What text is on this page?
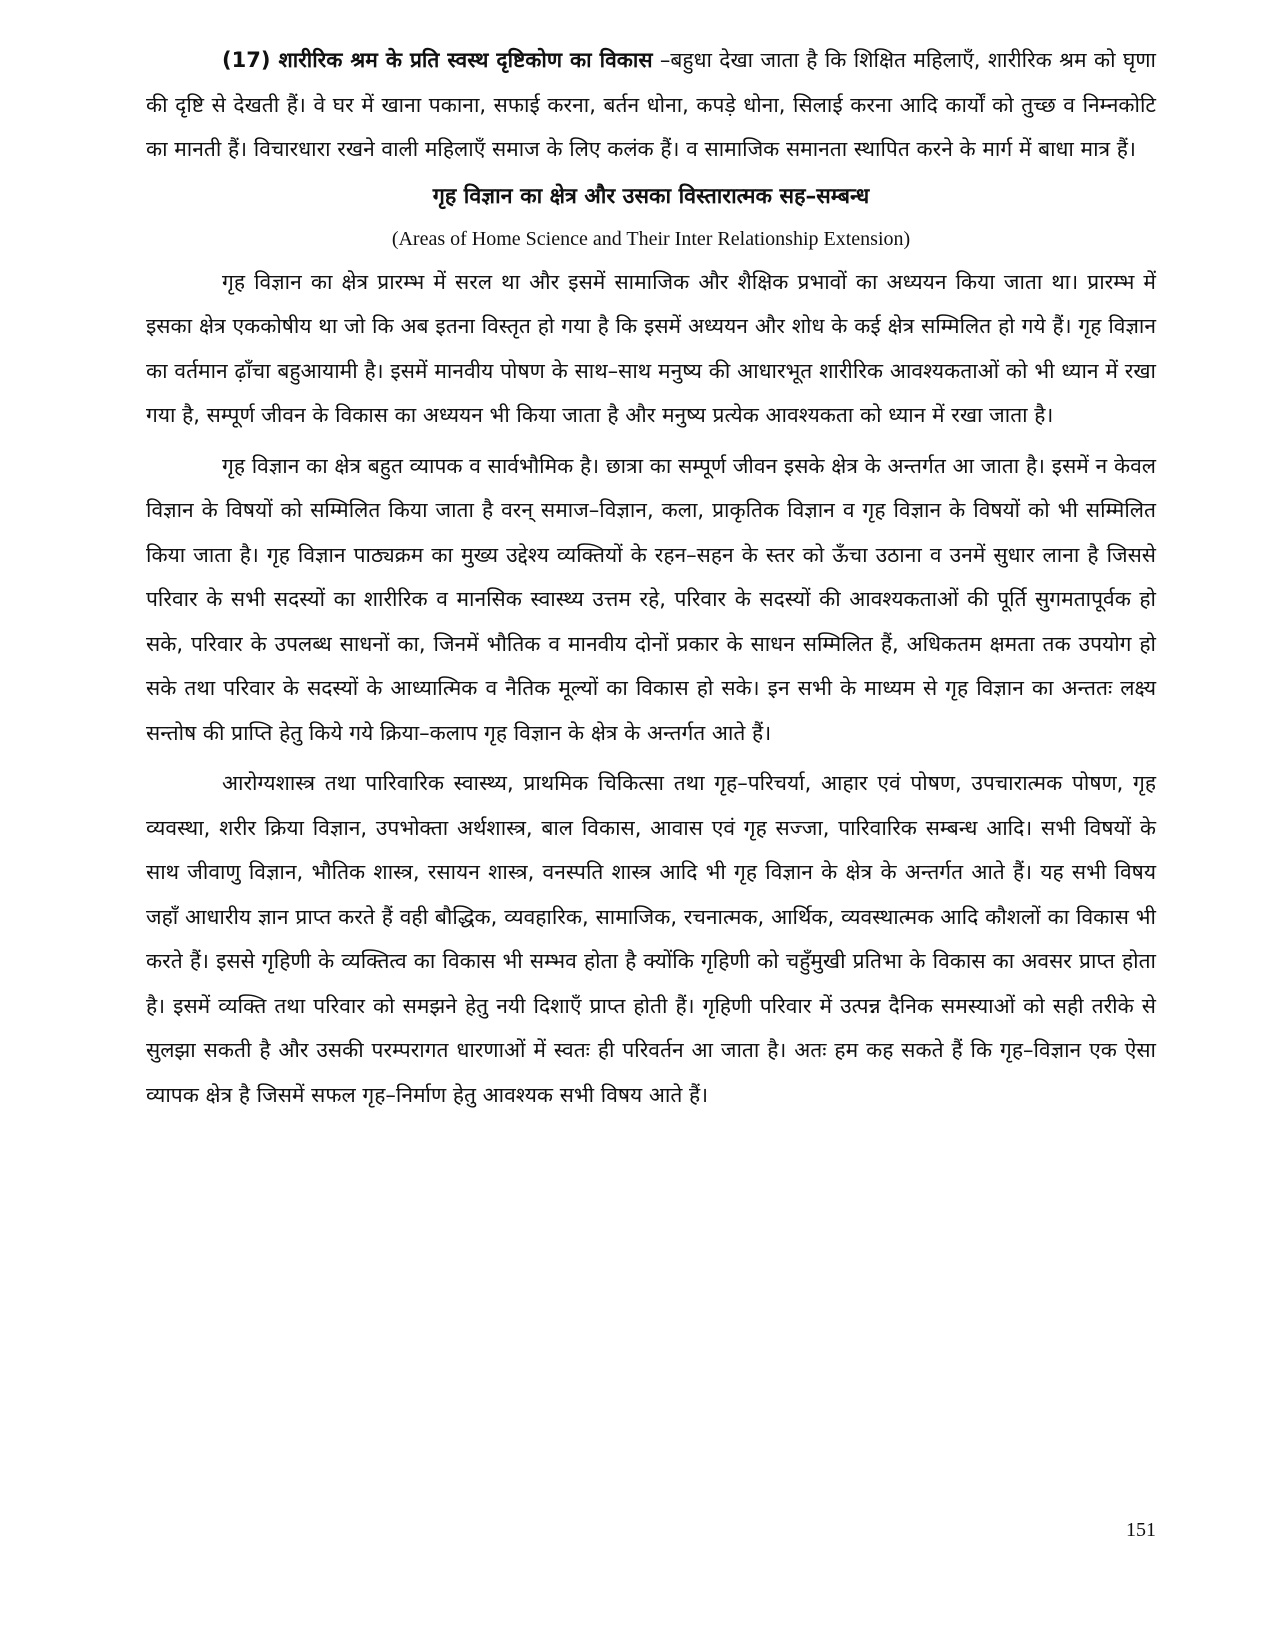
(17) शारीरिक श्रम के प्रति स्वस्थ दृष्टिकोण का विकास –बहुधा देखा जाता है कि शिक्षित महिलाएँ, शारीरिक श्रम को घृणा की दृष्टि से देखती हैं। वे घर में खाना पकाना, सफाई करना, बर्तन धोना, कपड़े धोना, सिलाई करना आदि कार्यों को तुच्छ व निम्नकोटि का मानती हैं। विचारधारा रखने वाली महिलाएँ समाज के लिए कलंक हैं। व सामाजिक समानता स्थापित करने के मार्ग में बाधा मात्र हैं।

गृह विज्ञान का क्षेत्र और उसका विस्तारात्मक सह–सम्बन्ध

(Areas of Home Science and Their Inter Relationship Extension)

गृह विज्ञान का क्षेत्र प्रारम्भ में सरल था और इसमें सामाजिक और शैक्षिक प्रभावों का अध्ययन किया जाता था। प्रारम्भ में इसका क्षेत्र एककोषीय था जो कि अब इतना विस्तृत हो गया है कि इसमें अध्ययन और शोध के कई क्षेत्र सम्मिलित हो गये हैं। गृह विज्ञान का वर्तमान ढ़ाँचा बहुआयामी है। इसमें मानवीय पोषण के साथ–साथ मनुष्य की आधारभूत शारीरिक आवश्यकताओं को भी ध्यान में रखा गया है, सम्पूर्ण जीवन के विकास का अध्ययन भी किया जाता है और मनुष्य प्रत्येक आवश्यकता को ध्यान में रखा जाता है।

गृह विज्ञान का क्षेत्र बहुत व्यापक व सार्वभौमिक है। छात्रा का सम्पूर्ण जीवन इसके क्षेत्र के अन्तर्गत आ जाता है। इसमें न केवल विज्ञान के विषयों को सम्मिलित किया जाता है वरन् समाज–विज्ञान, कला, प्राकृतिक विज्ञान व गृह विज्ञान के विषयों को भी सम्मिलित किया जाता है। गृह विज्ञान पाठ्यक्रम का मुख्य उद्देश्य व्यक्तियों के रहन–सहन के स्तर को ऊँचा उठाना व उनमें सुधार लाना है जिससे परिवार के सभी सदस्यों का शारीरिक व मानसिक स्वास्थ्य उत्तम रहे, परिवार के सदस्यों की आवश्यकताओं की पूर्ति सुगमतापूर्वक हो सके, परिवार के उपलब्ध साधनों का, जिनमें भौतिक व मानवीय दोनों प्रकार के साधन सम्मिलित हैं, अधिकतम क्षमता तक उपयोग हो सके तथा परिवार के सदस्यों के आध्यात्मिक व नैतिक मूल्यों का विकास हो सके। इन सभी के माध्यम से गृह विज्ञान का अन्ततः लक्ष्य सन्तोष की प्राप्ति हेतु किये गये क्रिया–कलाप गृह विज्ञान के क्षेत्र के अन्तर्गत आते हैं।

आरोग्यशास्त्र तथा पारिवारिक स्वास्थ्य, प्राथमिक चिकित्सा तथा गृह–परिचर्या, आहार एवं पोषण, उपचारात्मक पोषण, गृह व्यवस्था, शरीर क्रिया विज्ञान, उपभोक्ता अर्थशास्त्र, बाल विकास, आवास एवं गृह सज्जा, पारिवारिक सम्बन्ध आदि। सभी विषयों के साथ जीवाणु विज्ञान, भौतिक शास्त्र, रसायन शास्त्र, वनस्पति शास्त्र आदि भी गृह विज्ञान के क्षेत्र के अन्तर्गत आते हैं। यह सभी विषय जहाँ आधारीय ज्ञान प्राप्त करते हैं वही बौद्धिक, व्यवहारिक, सामाजिक, रचनात्मक, आर्थिक, व्यवस्थात्मक आदि कौशलों का विकास भी करते हैं। इससे गृहिणी के व्यक्तित्व का विकास भी सम्भव होता है क्योंकि गृहिणी को चहुँमुखी प्रतिभा के विकास का अवसर प्राप्त होता है। इसमें व्यक्ति तथा परिवार को समझने हेतु नयी दिशाएँ प्राप्त होती हैं। गृहिणी परिवार में उत्पन्न दैनिक समस्याओं को सही तरीके से सुलझा सकती है और उसकी परम्परागत धारणाओं में स्वतः ही परिवर्तन आ जाता है। अतः हम कह सकते हैं कि गृह–विज्ञान एक ऐसा व्यापक क्षेत्र है जिसमें सफल गृह–निर्माण हेतु आवश्यक सभी विषय आते हैं।

151
